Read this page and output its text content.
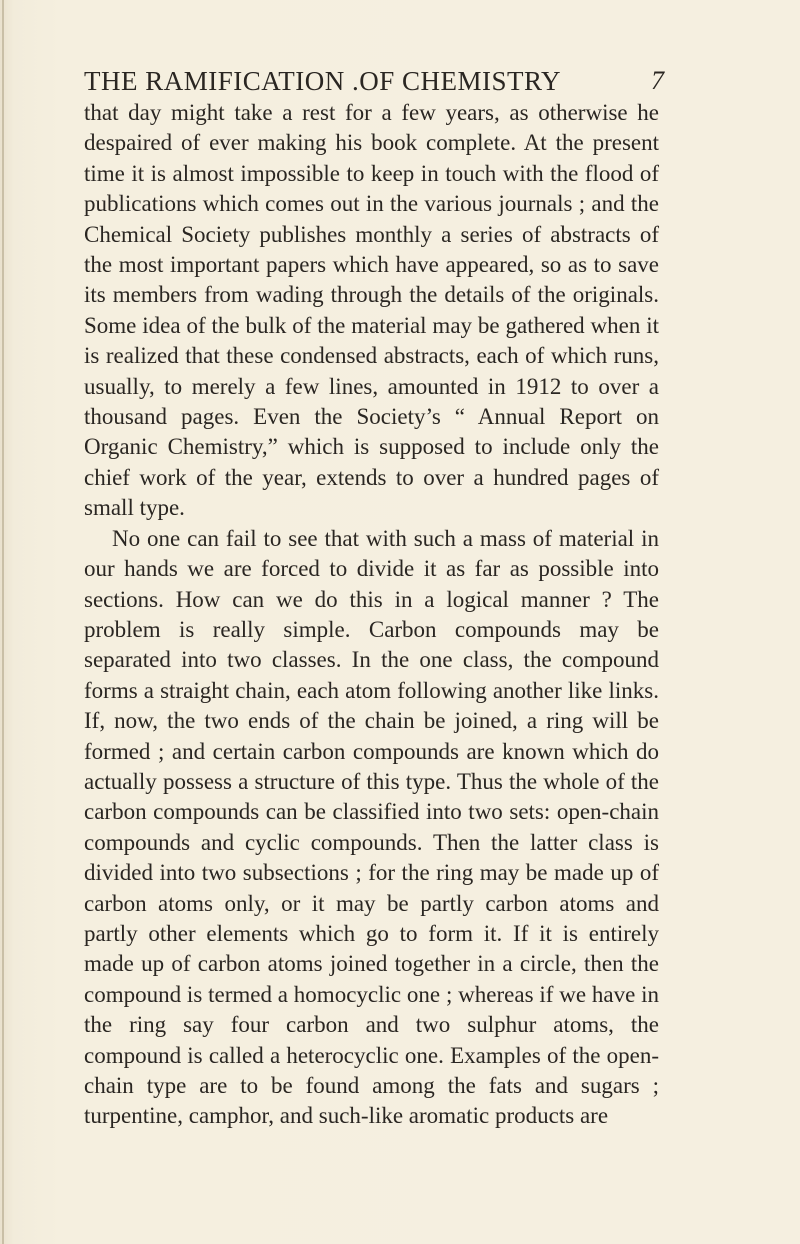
THE RAMIFICATION .OF CHEMISTRY	7

that day might take a rest for a few years, as otherwise he despaired of ever making his book complete. At the present time it is almost impossible to keep in touch with the flood of publications which comes out in the various journals ; and the Chemical Society publishes monthly a series of abstracts of the most important papers which have appeared, so as to save its members from wading through the details of the originals. Some idea of the bulk of the material may be gathered when it is realized that these condensed abstracts, each of which runs, usually, to merely a few lines, amounted in 1912 to over a thousand pages. Even the Society’s “ Annual Report on Organic Chemistry,” which is supposed to include only the chief work of the year, extends to over a hundred pages of small type.

No one can fail to see that with such a mass of material in our hands we are forced to divide it as far as possible into sections. How can we do this in a logical manner ? The problem is really simple. Carbon compounds may be separated into two classes. In the one class, the compound forms a straight chain, each atom following another like links. If, now, the two ends of the chain be joined, a ring will be formed ; and certain carbon compounds are known which do actually possess a structure of this type. Thus the whole of the carbon compounds can be classified into two sets: open-chain compounds and cyclic compounds. Then the latter class is divided into two subsections ; for the ring may be made up of carbon atoms only, or it may be partly carbon atoms and partly other elements which go to form it. If it is entirely made up of carbon atoms joined together in a circle, then the compound is termed a homocyclic one ; whereas if we have in the ring say four carbon and two sulphur atoms, the compound is called a heterocyclic one. Examples of the open-chain type are to be found among the fats and sugars ; turpentine, camphor, and such-like aromatic products are
